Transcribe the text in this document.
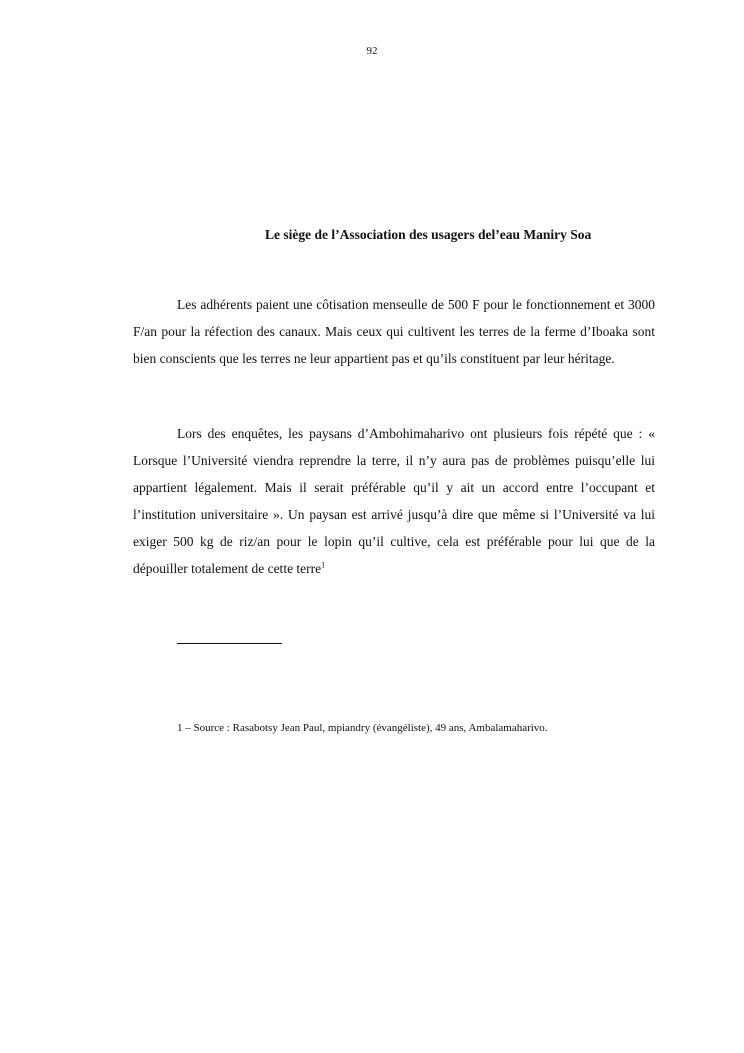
92
Le siège de l’Association des usagers del’eau Maniry Soa

Les adhérents paient une côtisation menseulle de 500 F pour le fonctionnement et 3000 F/an pour la réfection des canaux. Mais ceux qui cultivent les terres de la ferme d’Iboaka sont bien conscients que les terres ne leur appartient pas et qu’ils constituent par leur héritage.

Lors des enquêtes, les paysans d’Ambohimaharivo ont plusieurs fois répété que : « Lorsque l’Université viendra reprendre la terre, il n’y aura pas de problèmes puisqu’elle lui appartient légalement. Mais il serait préférable qu’il y ait un accord entre l’occupant et l’institution universitaire ». Un paysan est arrivé jusqu’à dire que même si l’Université va lui exiger 500 kg de riz/an pour le lopin qu’il cultive, cela est préférable pour lui que de la dépouiller totalement de cette terre$^1$

1 – Source : Rasabotsy Jean Paul, mpiandry (évangéliste), 49 ans, Ambalamaharivo.
